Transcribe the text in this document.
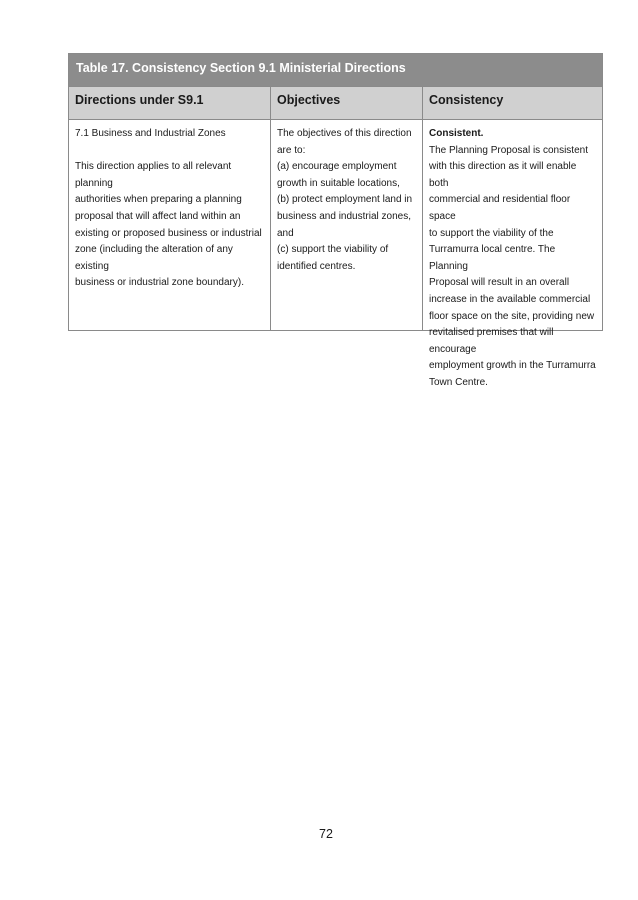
Table 17. Consistency Section 9.1 Ministerial Directions
Directions under S9.1	Objectives	Consistency

7.1 Business and Industrial Zones

This direction applies to all relevant planning

authorities when preparing a planning

proposal that will affect land within an

existing or proposed business or industrial

zone (including the alteration of any existing

business or industrial zone boundary).

The objectives of this direction

are to:

(a) encourage employment

growth in suitable locations,

(b) protect employment land in

business and industrial zones,

and

(c) support the viability of

identified centres.

Consistent.

The Planning Proposal is consistent

with this direction as it will enable both

commercial and residential floor space

to support the viability of the

Turramurra local centre. The Planning

Proposal will result in an overall

increase in the available commercial

floor space on the site, providing new

revitalised premises that will encourage

employment growth in the Turramurra

Town Centre.

72
